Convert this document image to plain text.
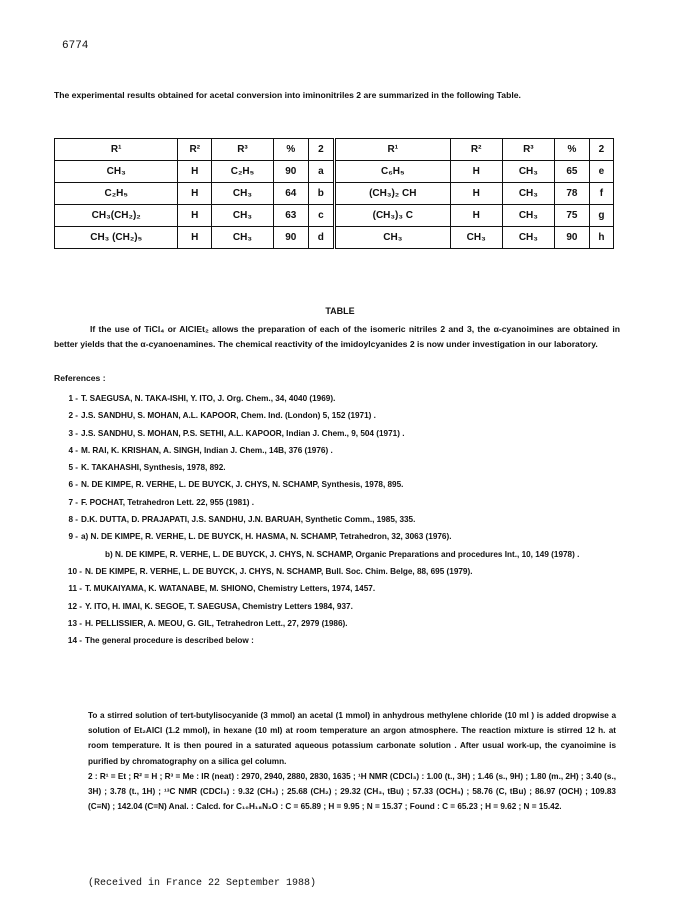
6774
The experimental results obtained for acetal conversion into iminonitriles 2 are summarized in the following Table.
R¹	R²	R³	%	2	R¹	R²	R³	%	2
CH₃	H	C₂H₅	90	a	C₆H₅	H	CH₃	65	e
C₂H₅	H	CH₃	64	b	(CH₃)₂ CH	H	CH₃	78	f
CH₃(CH₂)₂	H	CH₃	63	c	(CH₃)₃ C	H	CH₃	75	g
CH₃ (CH₂)₅	H	CH₃	90	d	CH₃	CH₃	CH₃	90	h
TABLE
If the use of TiCl₄ or AlClEt₂ allows the preparation of each of the isomeric nitriles 2 and 3, the α-cyanoimines are obtained in better yields that the α-cyanoenamines. The chemical reactivity of the imidoylcyanides 2 is now under investigation in our laboratory.
References :
1 - T. SAEGUSA, N. TAKA-ISHI, Y. ITO, J. Org. Chem., 34, 4040 (1969).
2 - J.S. SANDHU, S. MOHAN, A.L. KAPOOR, Chem. Ind. (London) 5, 152 (1971) .
3 - J.S. SANDHU, S. MOHAN, P.S. SETHI, A.L. KAPOOR, Indian J. Chem., 9, 504 (1971) .
4 - M. RAI, K. KRISHAN, A. SINGH, Indian J. Chem., 14B, 376 (1976) .
5 - K. TAKAHASHI, Synthesis, 1978, 892.
6 - N. DE KIMPE, R. VERHE, L. DE BUYCK, J. CHYS, N. SCHAMP, Synthesis, 1978, 895.
7 - F. POCHAT, Tetrahedron Lett. 22, 955 (1981) .
8 - D.K. DUTTA, D. PRAJAPATI, J.S. SANDHU, J.N. BARUAH, Synthetic Comm., 1985, 335.
9 - a) N. DE KIMPE, R. VERHE, L. DE BUYCK, H. HASMA, N. SCHAMP, Tetrahedron, 32, 3063 (1976).
b) N. DE KIMPE, R. VERHE, L. DE BUYCK, J. CHYS, N. SCHAMP, Organic Preparations and procedures Int., 10, 149 (1978) .
10 - N. DE KIMPE, R. VERHE, L. DE BUYCK, J. CHYS, N. SCHAMP, Bull. Soc. Chim. Belge, 88, 695 (1979).
11 - T. MUKAIYAMA, K. WATANABE, M. SHIONO, Chemistry Letters, 1974, 1457.
12 - Y. ITO, H. IMAI, K. SEGOE, T. SAEGUSA, Chemistry Letters 1984, 937.
13 - H. PELLISSIER, A. MEOU, G. GIL, Tetrahedron Lett., 27, 2979 (1986).
14 - The general procedure is described below :
To a stirred solution of tert-butylisocyanide (3 mmol) an acetal (1 mmol) in anhydrous methylene chloride (10 ml ) is added dropwise a solution of Et₂AlCl (1.2 mmol), in hexane (10 ml) at room temperature an argon atmosphere. The reaction mixture is stirred 12 h. at room temperature. It is then poured in a saturated aqueous potassium carbonate solution . After usual work-up, the cyanoimine is purified by chromatography on a silica gel column.
2 : R¹ = Et ; R² = H ; R³ = Me : IR (neat) : 2970, 2940, 2880, 2830, 1635 ; ¹H NMR (CDCl₃) : 1.00 (t., 3H) ; 1.46 (s., 9H) ; 1.80 (m., 2H) ; 3.40 (s., 3H) ; 3.78 (t., 1H) ; ¹³C NMR (CDCl₃) : 9.32 (CH₃) ; 25.68 (CH₂) ; 29.32 (CH₃, tBu) ; 57.33 (OCH₃) ; 58.76 (C, tBu) ; 86.97 (OCH) ; 109.83 (C≡N) ; 142.04 (C=N) Anal. : Calcd. for C₁₀H₁₈N₂O : C = 65.89 ; H = 9.95 ; N = 15.37 ; Found : C = 65.23 ; H = 9.62 ; N = 15.42.
(Received in France 22 September 1988)
